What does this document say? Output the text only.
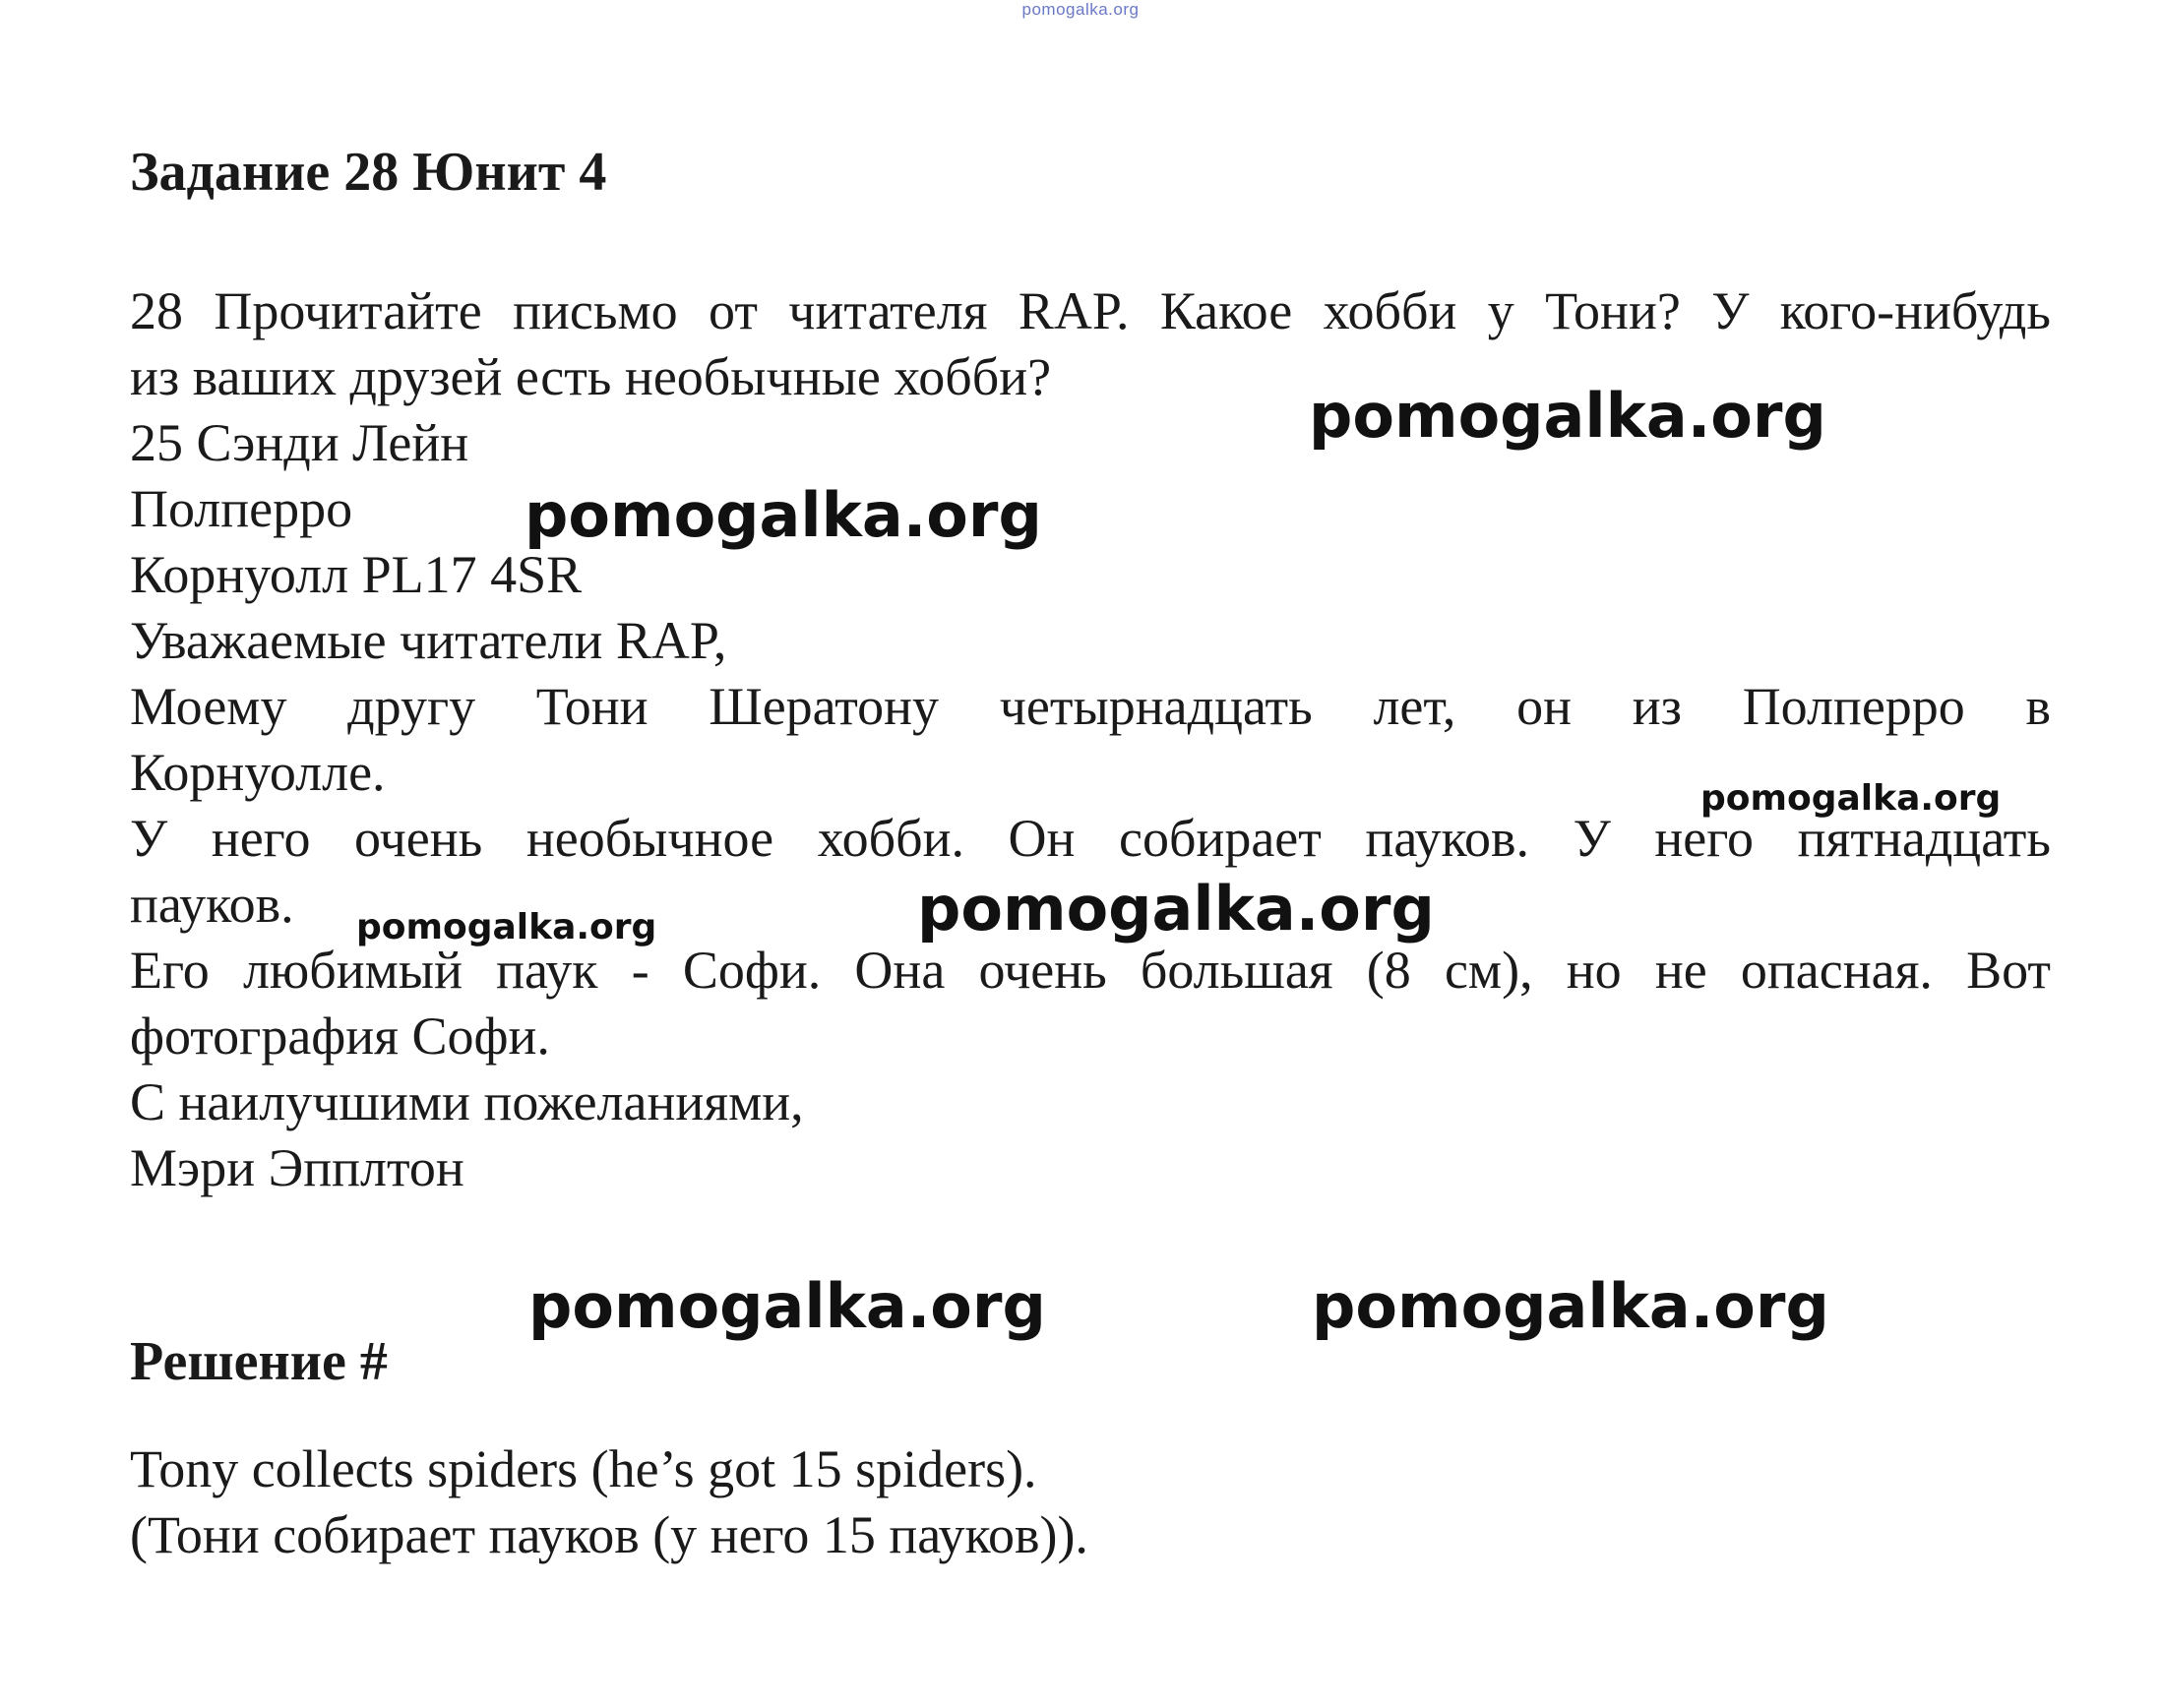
pomogalka.org
Задание 28 Юнит 4
28 Прочитайте письмо от читателя RAP. Какое хобби у Тони? У кого-нибудь
из ваших друзей есть необычные хобби?
25 Сэнди Лейн
Полперро
Корнуолл PL17 4SR
Уважаемые читатели RAP,
Моему другу Тони Шератону четырнадцать лет, он из Полперро в
Корнуолле.
У него очень необычное хобби. Он собирает пауков. У него пятнадцать
пауков.
Его любимый паук - Софи. Она очень большая (8 см), но не опасная. Вот
фотография Софи.
С наилучшими пожеланиями,
Мэри Эпплтон
Решение #
Tony collects spiders (he’s got 15 spiders).
(Тони собирает пауков (у него 15 пауков)).
pomogalka.org
pomogalka.org
pomogalka.org
pomogalka.org	pomogalka.org
pomogalka.org	pomogalka.org
